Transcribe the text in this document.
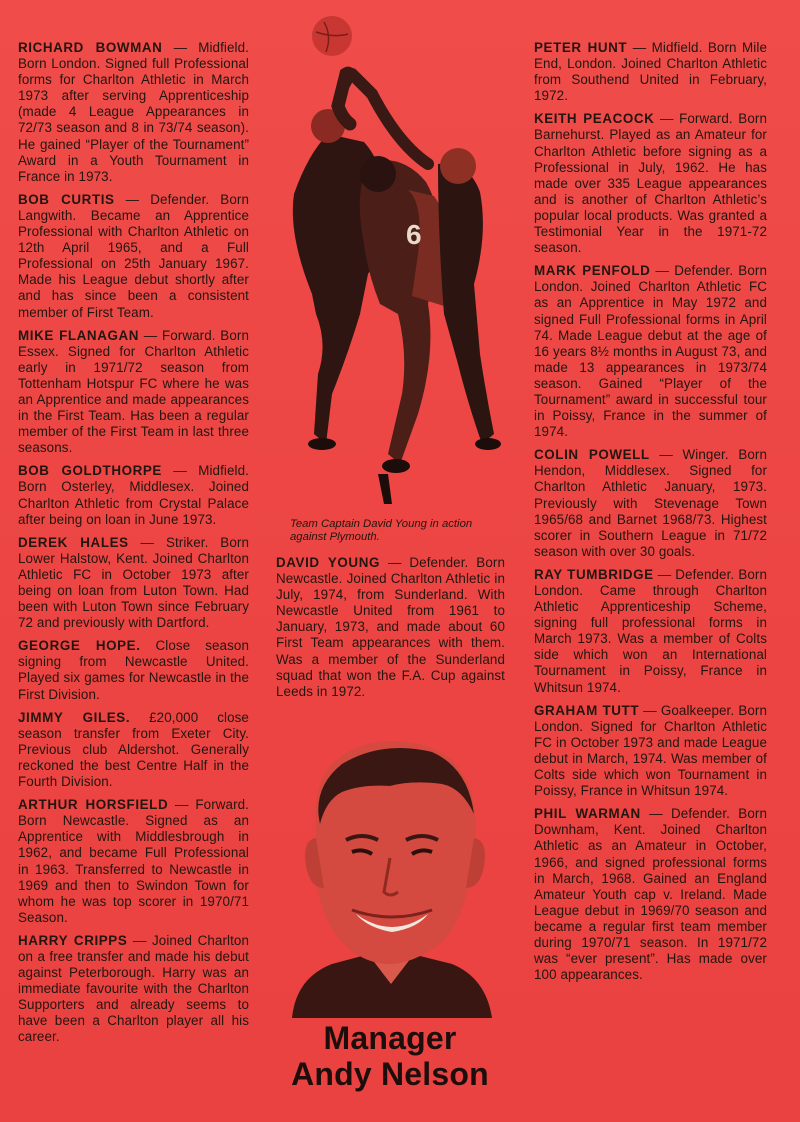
RICHARD BOWMAN — Midfield. Born London. Signed full Professional forms for Charlton Athletic in March 1973 after serving Apprenticeship (made 4 League Appearances in 72/73 season and 8 in 73/74 season). He gained “Player of the Tournament” Award in a Youth Tournament in France in 1973.

BOB CURTIS — Defender. Born Langwith. Became an Apprentice Professional with Charlton Athletic on 12th April 1965, and a Full Professional on 25th January 1967. Made his League debut shortly after and has since been a consistent member of First Team.

MIKE FLANAGAN — Forward. Born Essex. Signed for Charlton Athletic early in 1971/72 season from Tottenham Hotspur FC where he was an Apprentice and made appearances in the First Team. Has been a regular member of the First Team in last three seasons.

BOB GOLDTHORPE — Midfield. Born Osterley, Middlesex. Joined Charlton Athletic from Crystal Palace after being on loan in June 1973.

DEREK HALES — Striker. Born Lower Halstow, Kent. Joined Charlton Athletic FC in October 1973 after being on loan from Luton Town. Had been with Luton Town since February 72 and previously with Dartford.

GEORGE HOPE. Close season signing from Newcastle United. Played six games for Newcastle in the First Division.

JIMMY GILES. £20,000 close season transfer from Exeter City. Previous club Aldershot. Generally reckoned the best Centre Half in the Fourth Division.

ARTHUR HORSFIELD — Forward. Born Newcastle. Signed as an Apprentice with Middlesbrough in 1962, and became Full Professional in 1963. Transferred to Newcastle in 1969 and then to Swindon Town for whom he was top scorer in 1970/71 Season.

HARRY CRIPPS — Joined Charlton on a free transfer and made his debut against Peterborough. Harry was an immediate favourite with the Charlton Supporters and already seems to have been a Charlton player all his career.

6
Team Captain David Young in action against Plymouth.

DAVID YOUNG — Defender. Born Newcastle. Joined Charlton Athletic in July, 1974, from Sunderland. With Newcastle United from 1961 to January, 1973, and made about 60 First Team appearances with them. Was a member of the Sunderland squad that won the F.A. Cup against Leeds in 1972.

Manager
Andy Nelson

PETER HUNT — Midfield. Born Mile End, London. Joined Charlton Athletic from Southend United in February, 1972.

KEITH PEACOCK — Forward. Born Barnehurst. Played as an Amateur for Charlton Athletic before signing as a Professional in July, 1962. He has made over 335 League appearances and is another of Charlton Athletic’s popular local products. Was granted a Testimonial Year in the 1971-72 season.

MARK PENFOLD — Defender. Born London. Joined Charlton Athletic FC as an Apprentice in May 1972 and signed Full Professional forms in April 74. Made League debut at the age of 16 years 8½ months in August 73, and made 13 appearances in 1973/74 season. Gained “Player of the Tournament” award in successful tour in Poissy, France in the summer of 1974.

COLIN POWELL — Winger. Born Hendon, Middlesex. Signed for Charlton Athletic January, 1973. Previously with Stevenage Town 1965/68 and Barnet 1968/73. Highest scorer in Southern League in 71/72 season with over 30 goals.

RAY TUMBRIDGE — Defender. Born London. Came through Charlton Athletic Apprenticeship Scheme, signing full professional forms in March 1973. Was a member of Colts side which won an International Tournament in Poissy, France in Whitsun 1974.

GRAHAM TUTT — Goalkeeper. Born London. Signed for Charlton Athletic FC in October 1973 and made League debut in March, 1974. Was member of Colts side which won Tournament in Poissy, France in Whitsun 1974.

PHIL WARMAN — Defender. Born Downham, Kent. Joined Charlton Athletic as an Amateur in October, 1966, and signed professional forms in March, 1968. Gained an England Amateur Youth cap v. Ireland. Made League debut in 1969/70 season and became a regular first team member during 1970/71 season. In 1971/72 was “ever present”. Has made over 100 appearances.
